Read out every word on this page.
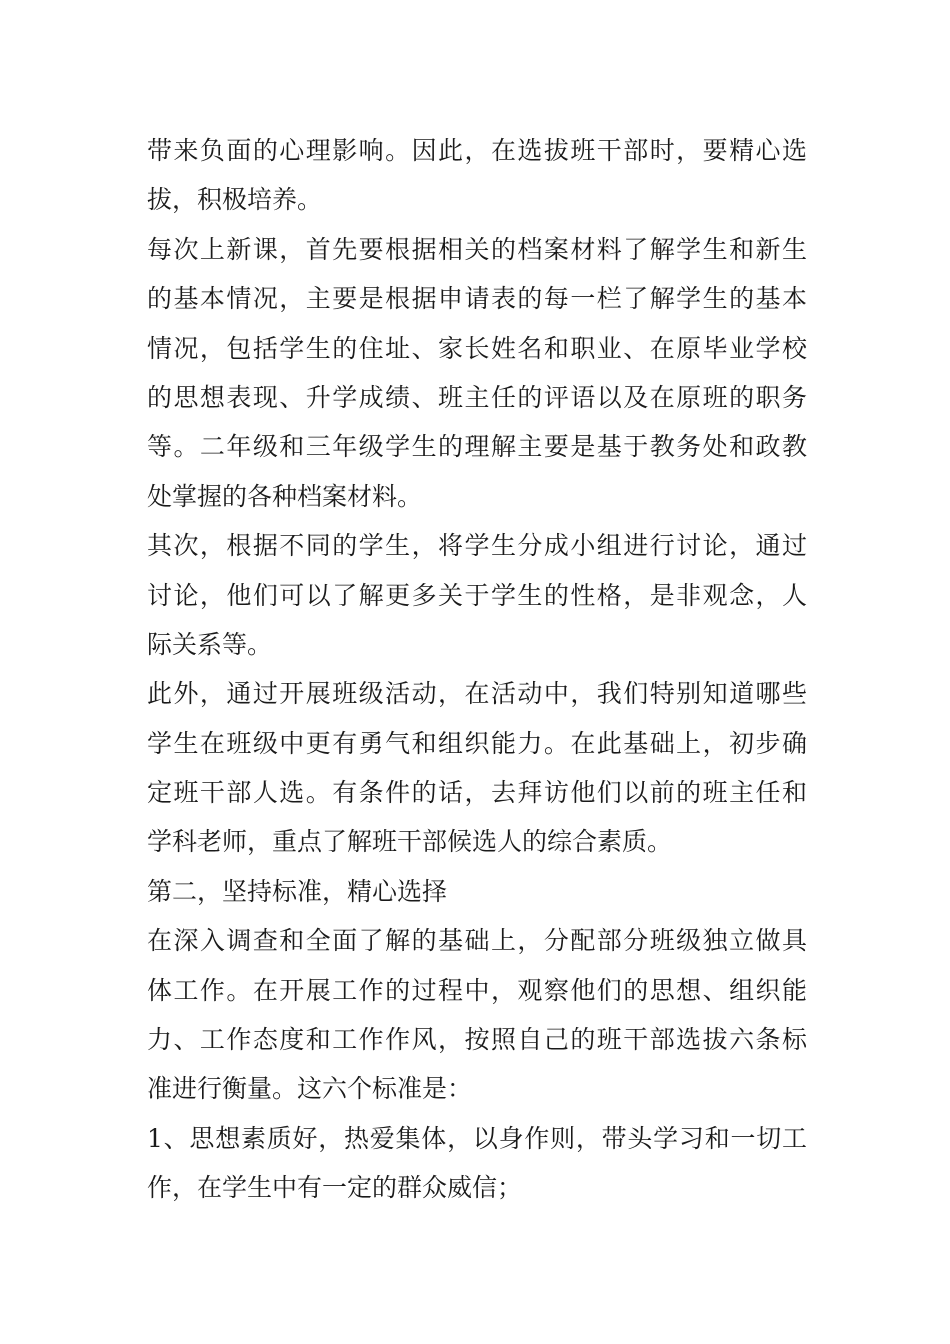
带来负面的心理影响。因此，在选拔班干部时，要精心选
拔，积极培养。
每次上新课，首先要根据相关的档案材料了解学生和新生
的基本情况，主要是根据申请表的每一栏了解学生的基本
情况，包括学生的住址、家长姓名和职业、在原毕业学校
的思想表现、升学成绩、班主任的评语以及在原班的职务
等。二年级和三年级学生的理解主要是基于教务处和政教
处掌握的各种档案材料。
其次，根据不同的学生，将学生分成小组进行讨论，通过
讨论，他们可以了解更多关于学生的性格，是非观念，人
际关系等。
此外，通过开展班级活动，在活动中，我们特别知道哪些
学生在班级中更有勇气和组织能力。在此基础上，初步确
定班干部人选。有条件的话，去拜访他们以前的班主任和
学科老师，重点了解班干部候选人的综合素质。
第二，坚持标准，精心选择
在深入调查和全面了解的基础上，分配部分班级独立做具
体工作。在开展工作的过程中，观察他们的思想、组织能
力、工作态度和工作作风，按照自己的班干部选拔六条标
准进行衡量。这六个标准是：
1、思想素质好，热爱集体，以身作则，带头学习和一切工
作，在学生中有一定的群众威信；
